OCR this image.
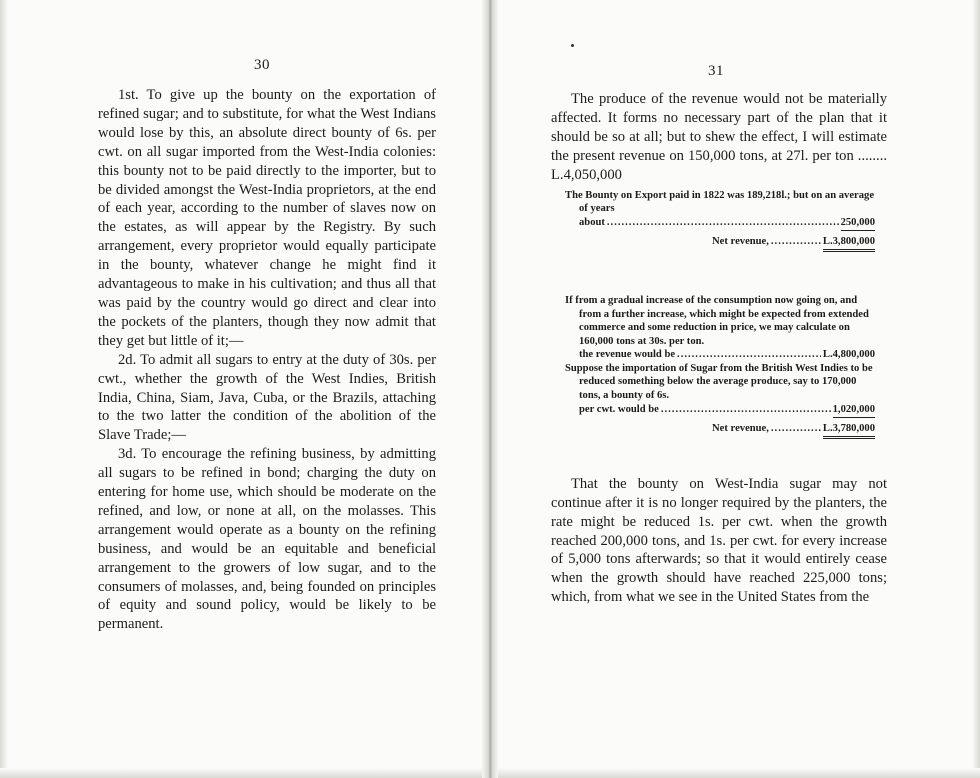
30

1st. To give up the bounty on the exportation of refined sugar; and to substitute, for what the West Indians would lose by this, an absolute direct bounty of 6s. per cwt. on all sugar imported from the West-India colonies: this bounty not to be paid directly to the importer, but to be divided amongst the West-India proprietors, at the end of each year, according to the number of slaves now on the estates, as will appear by the Registry. By such arrangement, every proprietor would equally participate in the bounty, whatever change he might find it advantageous to make in his cultivation; and thus all that was paid by the country would go direct and clear into the pockets of the planters, though they now admit that they get but little of it;—

2d. To admit all sugars to entry at the duty of 30s. per cwt., whether the growth of the West Indies, British India, China, Siam, Java, Cuba, or the Brazils, attaching to the two latter the condition of the abolition of the Slave Trade;—

3d. To encourage the refining business, by admitting all sugars to be refined in bond; charging the duty on entering for home use, which should be moderate on the refined, and low, or none at all, on the molasses. This arrangement would operate as a bounty on the refining business, and would be an equitable and beneficial arrangement to the growers of low sugar, and to the consumers of molasses, and, being founded on principles of equity and sound policy, would be likely to be permanent.

31

The produce of the revenue would not be materially affected. It forms no necessary part of the plan that it should be so at all; but to shew the effect, I will estimate the present revenue on 150,000 tons, at 27l. per ton ........ L.4,050,000

The Bounty on Export paid in 1822 was 189,218l.; but on an average of years

about .....	250,000
Net revenue, .....	L.3,800,000

If from a gradual increase of the consumption now going on, and from a further increase, which might be expected from extended commerce and some reduction in price, we may calculate on 160,000 tons at 30s. per ton.

the revenue would be .....	L.4,800,000

Suppose the importation of Sugar from the British West Indies to be reduced something below the average produce, say to 170,000 tons, a bounty of 6s.

per cwt. would be .....	1,020,000
Net revenue, .....	L.3,780,000

That the bounty on West-India sugar may not continue after it is no longer required by the planters, the rate might be reduced 1s. per cwt. when the growth reached 200,000 tons, and 1s. per cwt. for every increase of 5,000 tons afterwards; so that it would entirely cease when the growth should have reached 225,000 tons; which, from what we see in the United States from the
